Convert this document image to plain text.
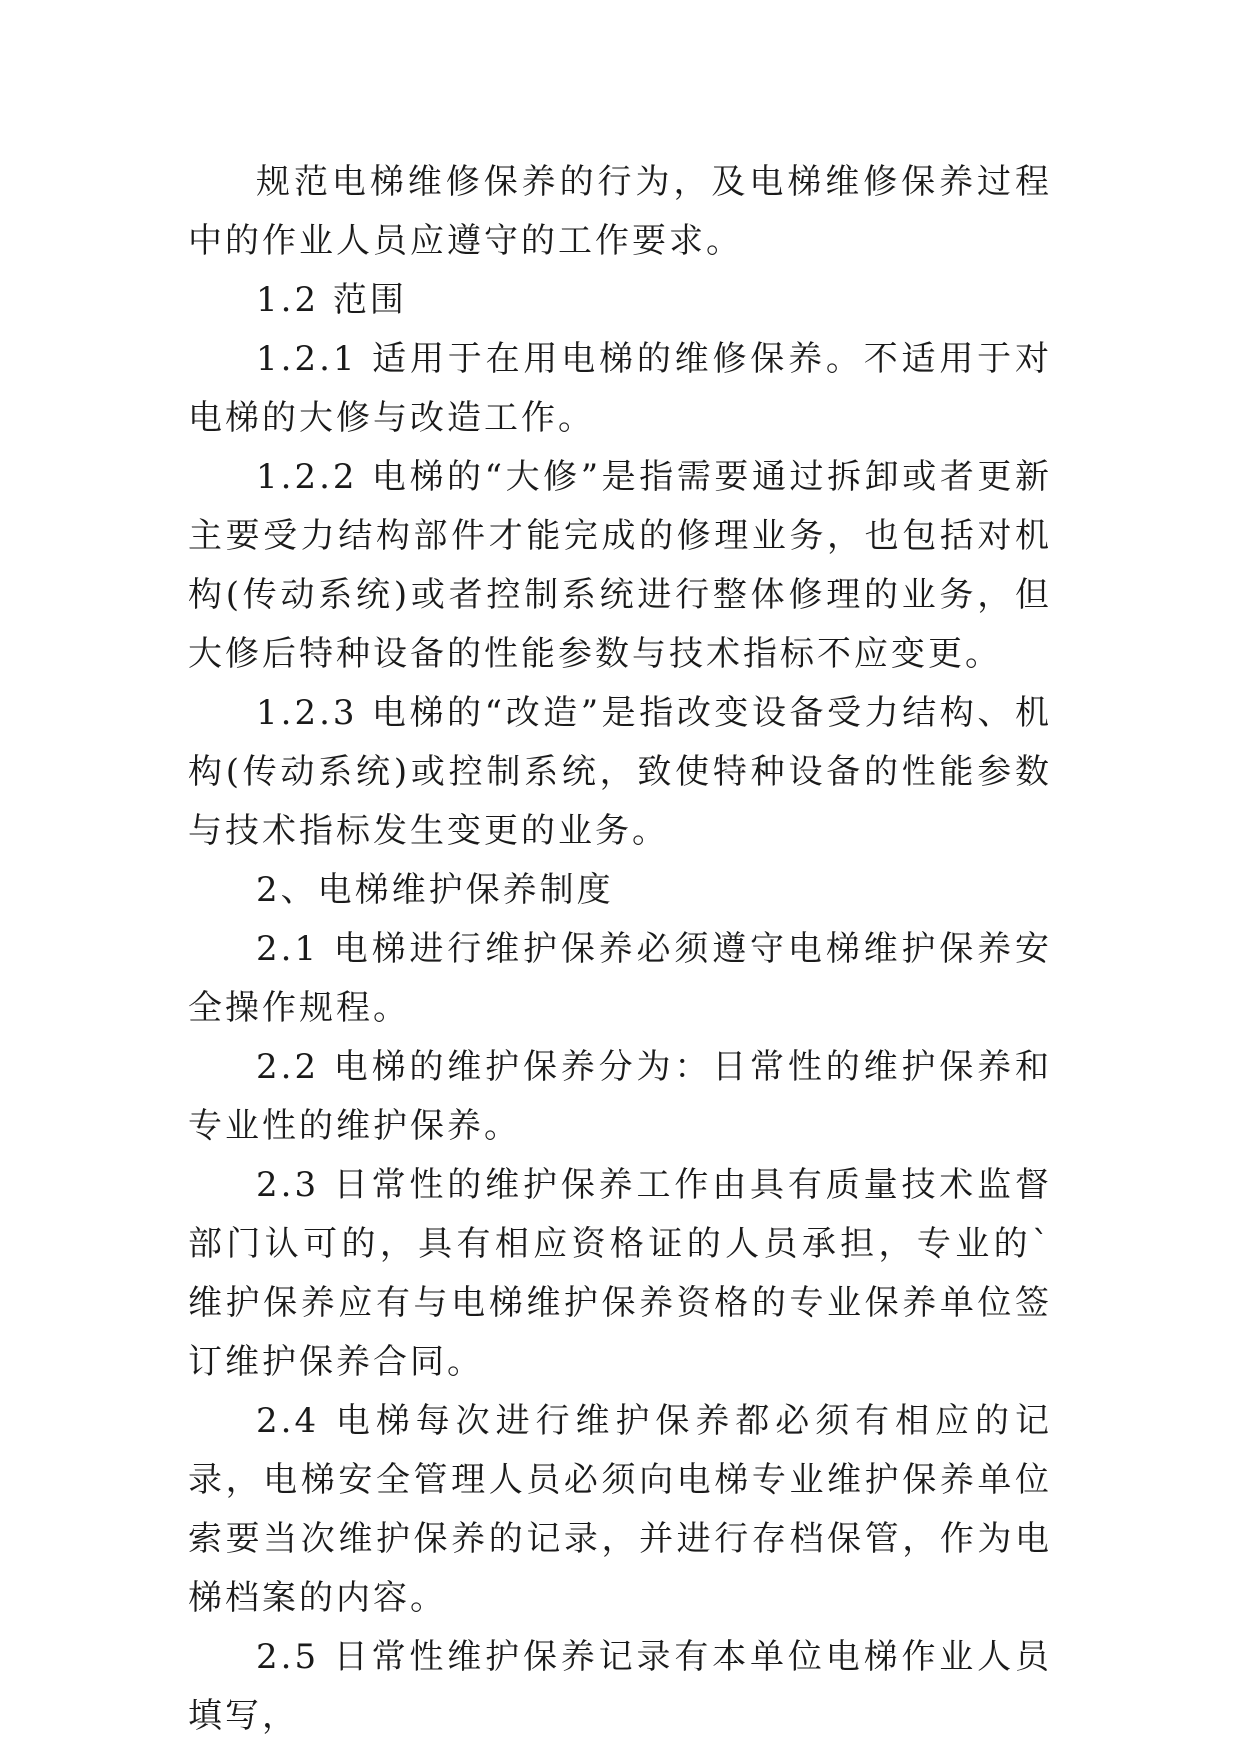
规范电梯维修保养的行为，及电梯维修保养过程中的作业人员应遵守的工作要求。

1.2 范围

1.2.1 适用于在用电梯的维修保养。不适用于对电梯的大修与改造工作。

1.2.2 电梯的“大修”是指需要通过拆卸或者更新主要受力结构部件才能完成的修理业务，也包括对机构(传动系统)或者控制系统进行整体修理的业务，但大修后特种设备的性能参数与技术指标不应变更。

1.2.3 电梯的“改造”是指改变设备受力结构、机构(传动系统)或控制系统，致使特种设备的性能参数与技术指标发生变更的业务。

2、电梯维护保养制度

2.1 电梯进行维护保养必须遵守电梯维护保养安全操作规程。

2.2 电梯的维护保养分为：日常性的维护保养和专业性的维护保养。

2.3 日常性的维护保养工作由具有质量技术监督部门认可的，具有相应资格证的人员承担，专业的`维护保养应有与电梯维护保养资格的专业保养单位签订维护保养合同。

2.4 电梯每次进行维护保养都必须有相应的记录，电梯安全管理人员必须向电梯专业维护保养单位索要当次维护保养的记录，并进行存档保管，作为电梯档案的内容。

2.5 日常性维护保养记录有本单位电梯作业人员填写，
